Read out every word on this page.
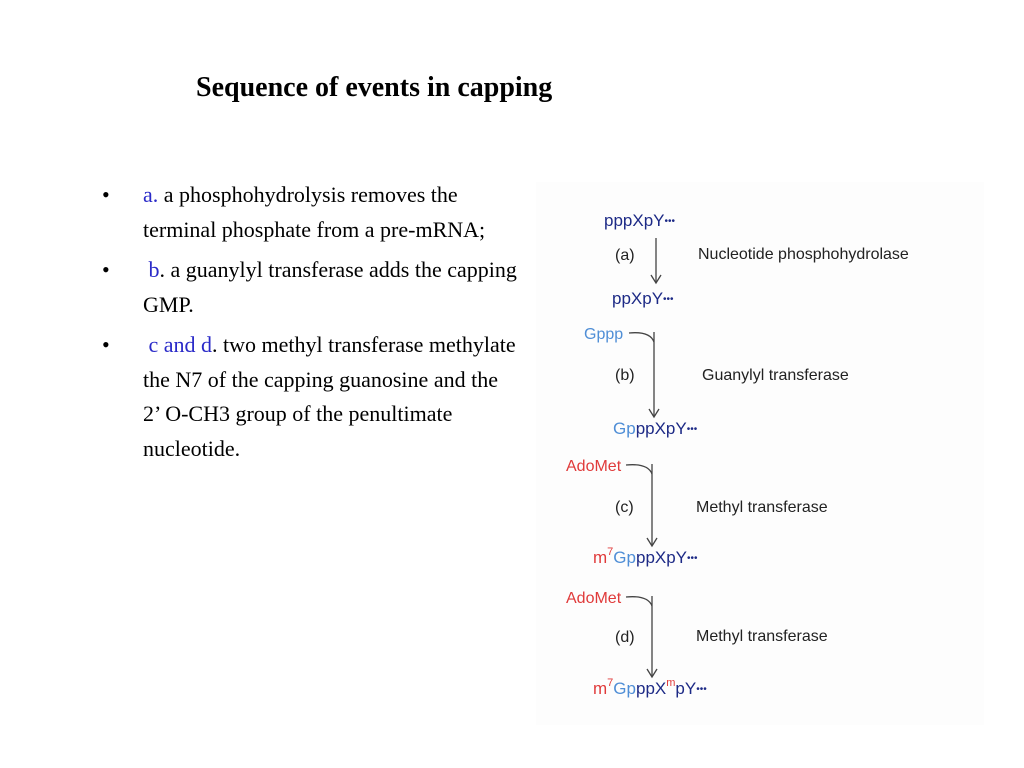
Sequence of events in capping
• a. a phosphohydrolysis removes the terminal phosphate from a pre-mRNA;
• b. a guanylyl transferase adds the capping GMP.
• c and d. two methyl transferase methylate the N7 of the capping guanosine and the 2’ O-CH3 group of the penultimate nucleotide.
pppXpY•••
ppXpY•••
GpppXpY•••
$m^7GpppXpY•••$
$m^7GpppX^mpY•••$
Gppp
AdoMet
AdoMet
(a)
(b)
(c)
(d)
Nucleotide phosphohydrolase
Guanylyl transferase
Methyl transferase
Methyl transferase
